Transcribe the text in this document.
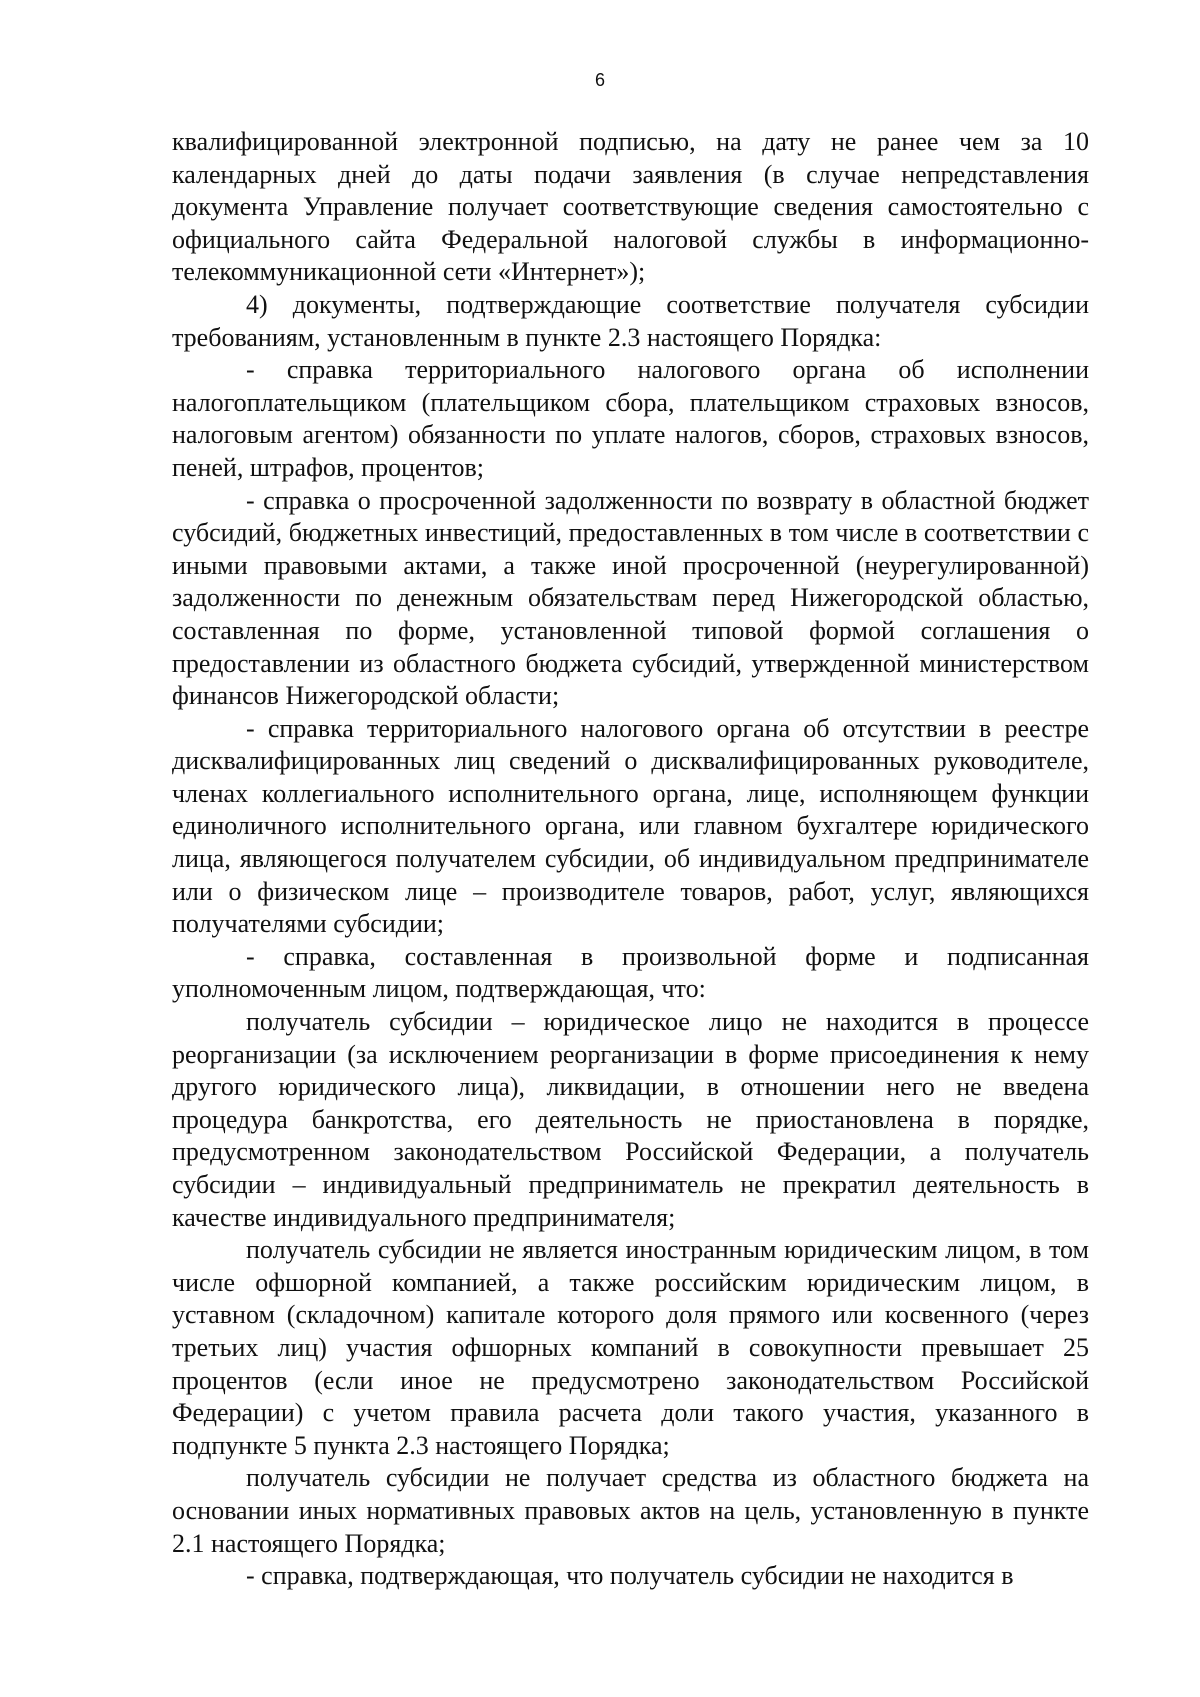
6

квалифицированной электронной подписью, на дату не ранее чем за 10 календарных дней до даты подачи заявления (в случае непредставления документа Управление получает соответствующие сведения самостоятельно с официального сайта Федеральной налоговой службы в информационно-телекоммуникационной сети «Интернет»);

4) документы, подтверждающие соответствие получателя субсидии требованиям, установленным в пункте 2.3 настоящего Порядка:

- справка территориального налогового органа об исполнении налогоплательщиком (плательщиком сбора, плательщиком страховых взносов, налоговым агентом) обязанности по уплате налогов, сборов, страховых взносов, пеней, штрафов, процентов;

- справка о просроченной задолженности по возврату в областной бюджет субсидий, бюджетных инвестиций, предоставленных в том числе в соответствии с иными правовыми актами, а также иной просроченной (неурегулированной) задолженности по денежным обязательствам перед Нижегородской областью, составленная по форме, установленной типовой формой соглашения о предоставлении из областного бюджета субсидий, утвержденной министерством финансов Нижегородской области;

- справка территориального налогового органа об отсутствии в реестре дисквалифицированных лиц сведений о дисквалифицированных руководителе, членах коллегиального исполнительного органа, лице, исполняющем функции единоличного исполнительного органа, или главном бухгалтере юридического лица, являющегося получателем субсидии, об индивидуальном предпринимателе или о физическом лице – производителе товаров, работ, услуг, являющихся получателями субсидии;

- справка, составленная в произвольной форме и подписанная уполномоченным лицом, подтверждающая, что:

получатель субсидии – юридическое лицо не находится в процессе реорганизации (за исключением реорганизации в форме присоединения к нему другого юридического лица), ликвидации, в отношении него не введена процедура банкротства, его деятельность не приостановлена в порядке, предусмотренном законодательством Российской Федерации, а получатель субсидии – индивидуальный предприниматель не прекратил деятельность в качестве индивидуального предпринимателя;

получатель субсидии не является иностранным юридическим лицом, в том числе офшорной компанией, а также российским юридическим лицом, в уставном (складочном) капитале которого доля прямого или косвенного (через третьих лиц) участия офшорных компаний в совокупности превышает 25 процентов (если иное не предусмотрено законодательством Российской Федерации) с учетом правила расчета доли такого участия, указанного в подпункте 5 пункта 2.3 настоящего Порядка;

получатель субсидии не получает средства из областного бюджета на основании иных нормативных правовых актов на цель, установленную в пункте 2.1 настоящего Порядка;

- справка, подтверждающая, что получатель субсидии не находится в
